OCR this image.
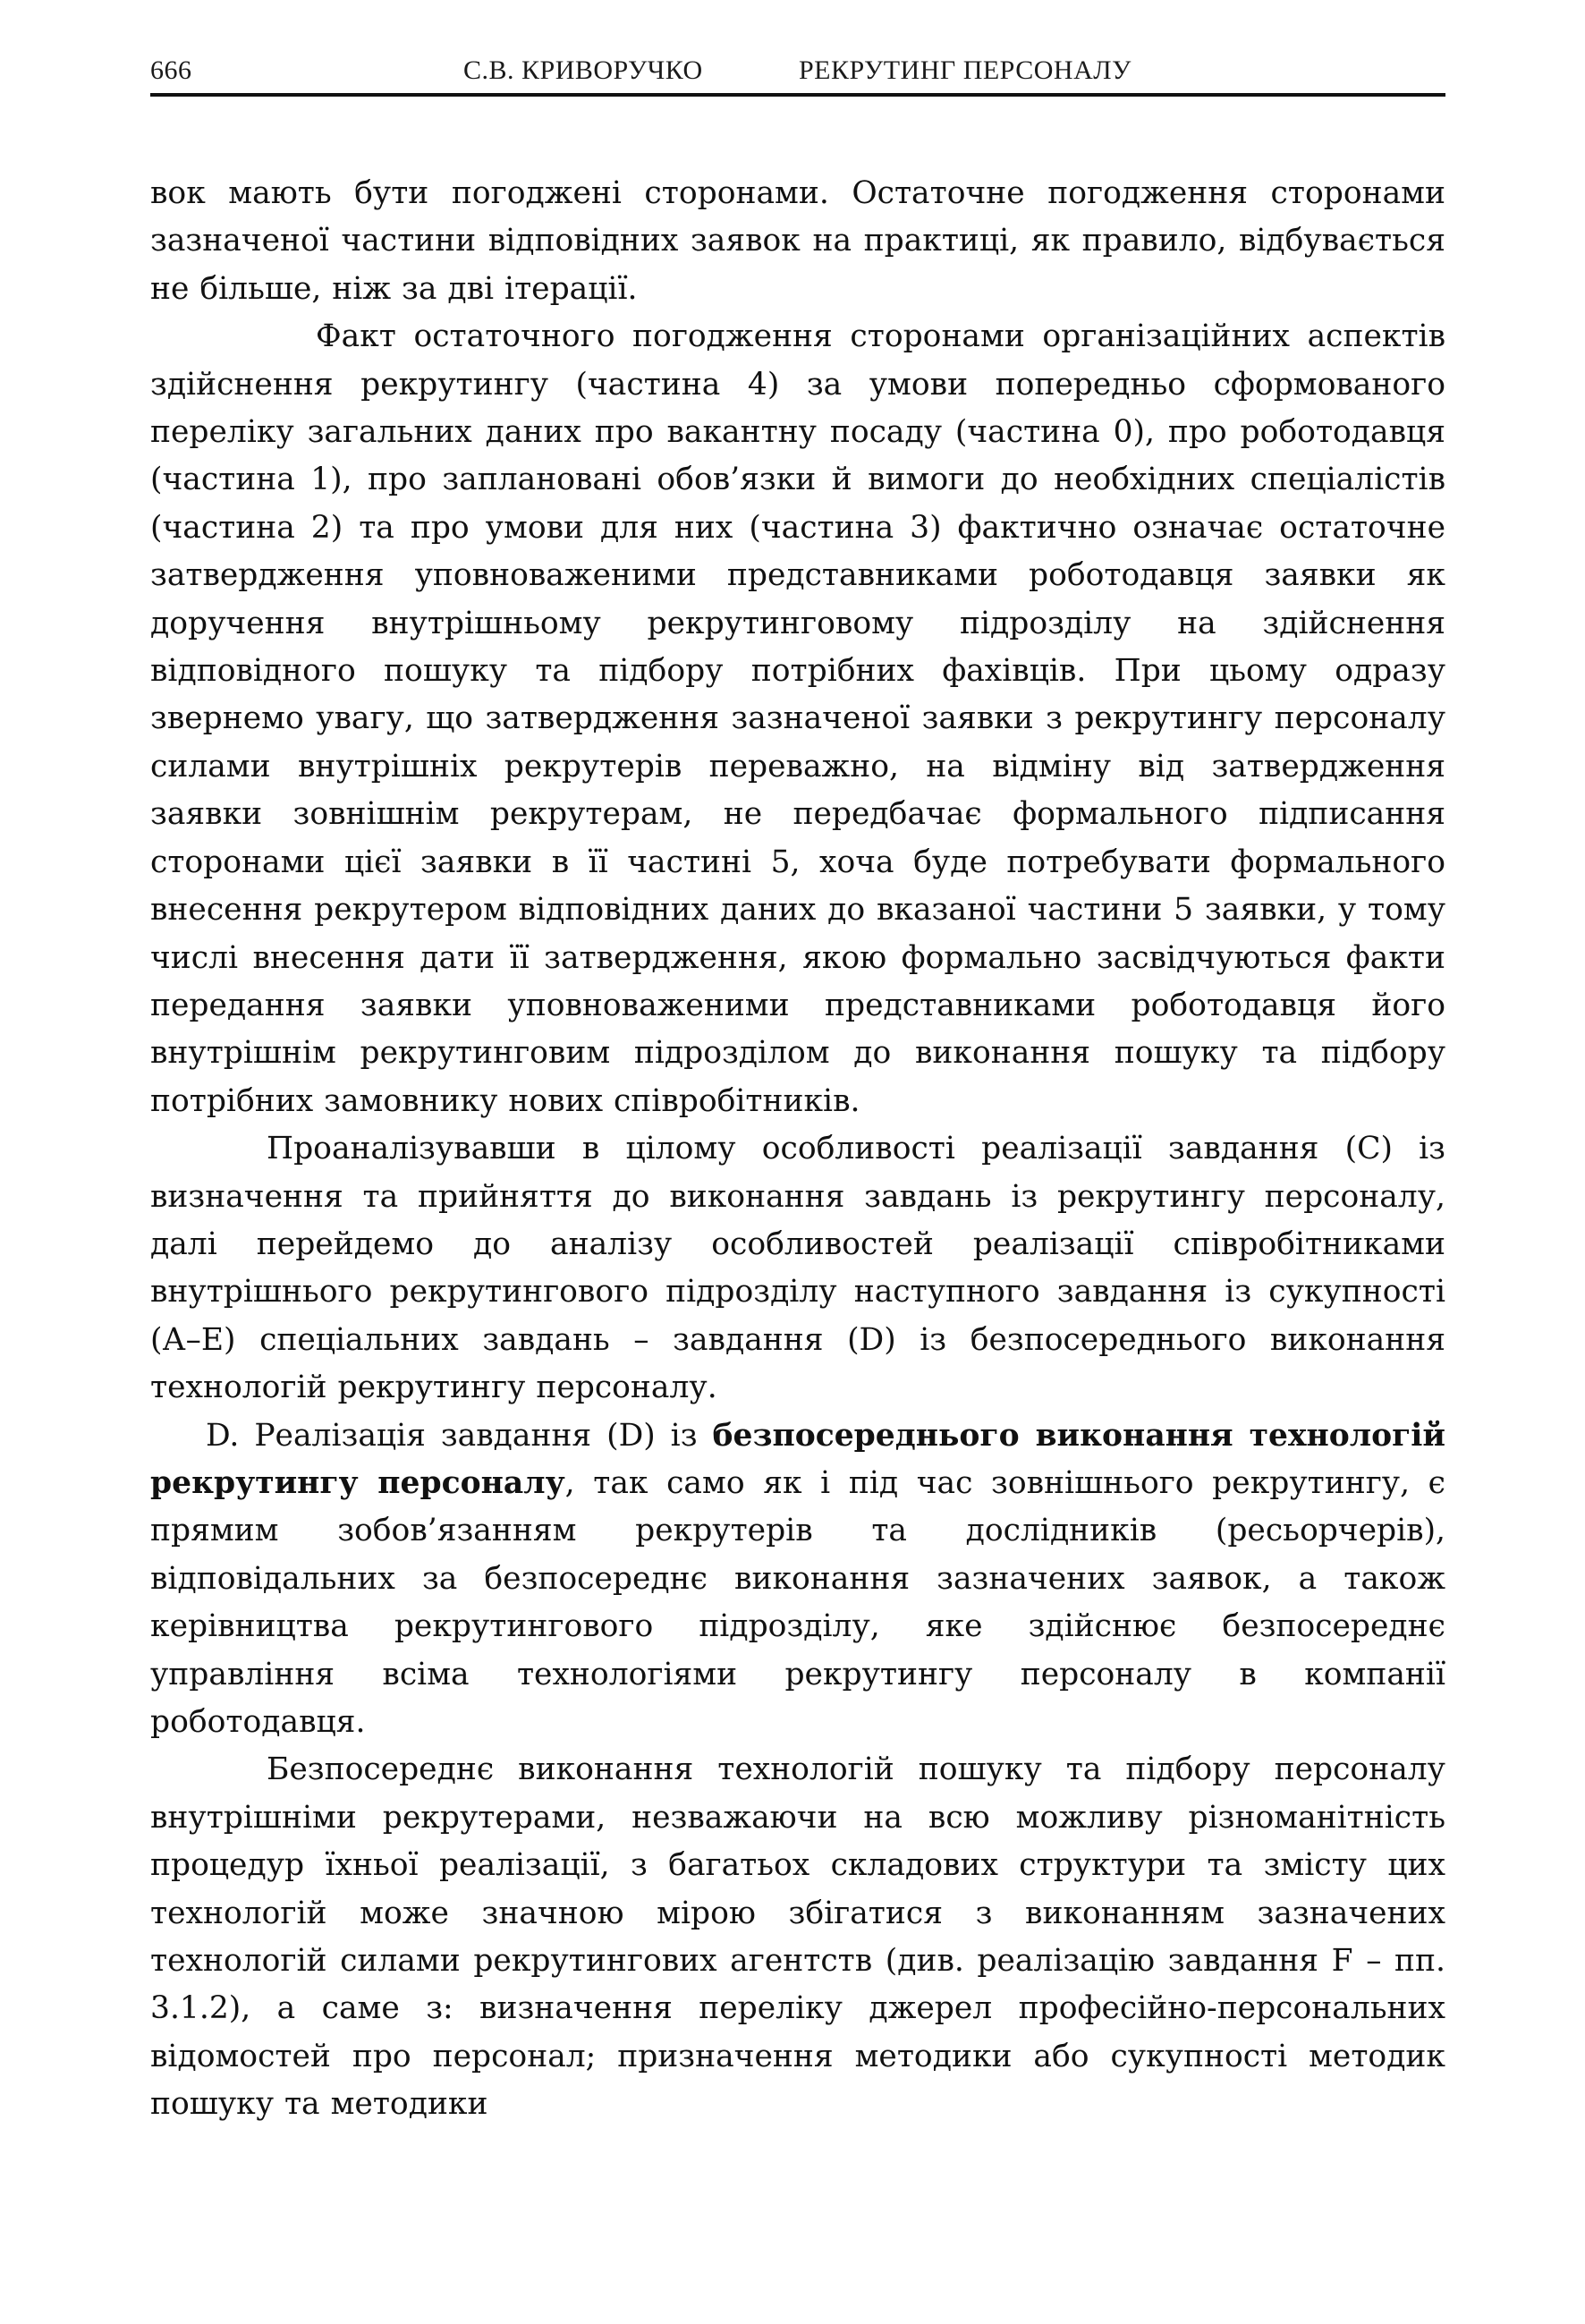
666	С.В. КРИВОРУЧКО	РЕКРУТИНГ ПЕРСОНАЛУ

вок мають бути погоджені сторонами. Остаточне погодження сторонами зазначеної частини відповідних заявок на практиці, як правило, відбувається не більше, ніж за дві ітерації.

Факт остаточного погодження сторонами організаційних аспектів здійснення рекрутингу (частина 4) за умови попередньо сформованого переліку загальних даних про вакантну посаду (частина 0), про роботодавця (частина 1), про заплановані обов’язки й вимоги до необхідних спеціалістів (частина 2) та про умови для них (частина 3) фактично означає остаточне затвердження уповноваженими представниками роботодавця заявки як доручення внутрішньому рекрутинговому підрозділу на здійснення відповідного пошуку та підбору потрібних фахівців. При цьому одразу звернемо увагу, що затвердження зазначеної заявки з рекрутингу персоналу силами внутрішніх рекрутерів переважно, на відміну від затвердження заявки зовнішнім рекрутерам, не передбачає формального підписання сторонами цієї заявки в її частині 5, хоча буде потребувати формального внесення рекрутером відповідних даних до вказаної частини 5 заявки, у тому числі внесення дати її затвердження, якою формально засвідчуються факти передання заявки уповноваженими представниками роботодавця його внутрішнім рекрутинговим підрозділом до виконання пошуку та підбору потрібних замовнику нових співробітників.

Проаналізувавши в цілому особливості реалізації завдання (С) із визначення та прийняття до виконання завдань із рекрутингу персоналу, далі перейдемо до аналізу особливостей реалізації співробітниками внутрішнього рекрутингового підрозділу наступного завдання із сукупності (А–Е) спеціальних завдань – завдання (D) із безпосереднього виконання технологій рекрутингу персоналу.

D. Реалізація завдання (D) із безпосереднього виконання технологій рекрутингу персоналу, так само як і під час зовнішнього рекрутингу, є прямим зобов’язанням рекрутерів та дослідників (ресьорчерів), відповідальних за безпосереднє виконання зазначених заявок, а також керівництва рекрутингового підрозділу, яке здійснює безпосереднє управління всіма технологіями рекрутингу персоналу в компанії роботодавця.

Безпосереднє виконання технологій пошуку та підбору персоналу внутрішніми рекрутерами, незважаючи на всю можливу різноманітність процедур їхньої реалізації, з багатьох складових структури та змісту цих технологій може значною мірою збігатися з виконанням зазначених технологій силами рекрутингових агентств (див. реалізацію завдання F – пп. 3.1.2), а саме з: визначення переліку джерел професійно-персональних відомостей про персонал; призначення методики або сукупності методик пошуку та методики
